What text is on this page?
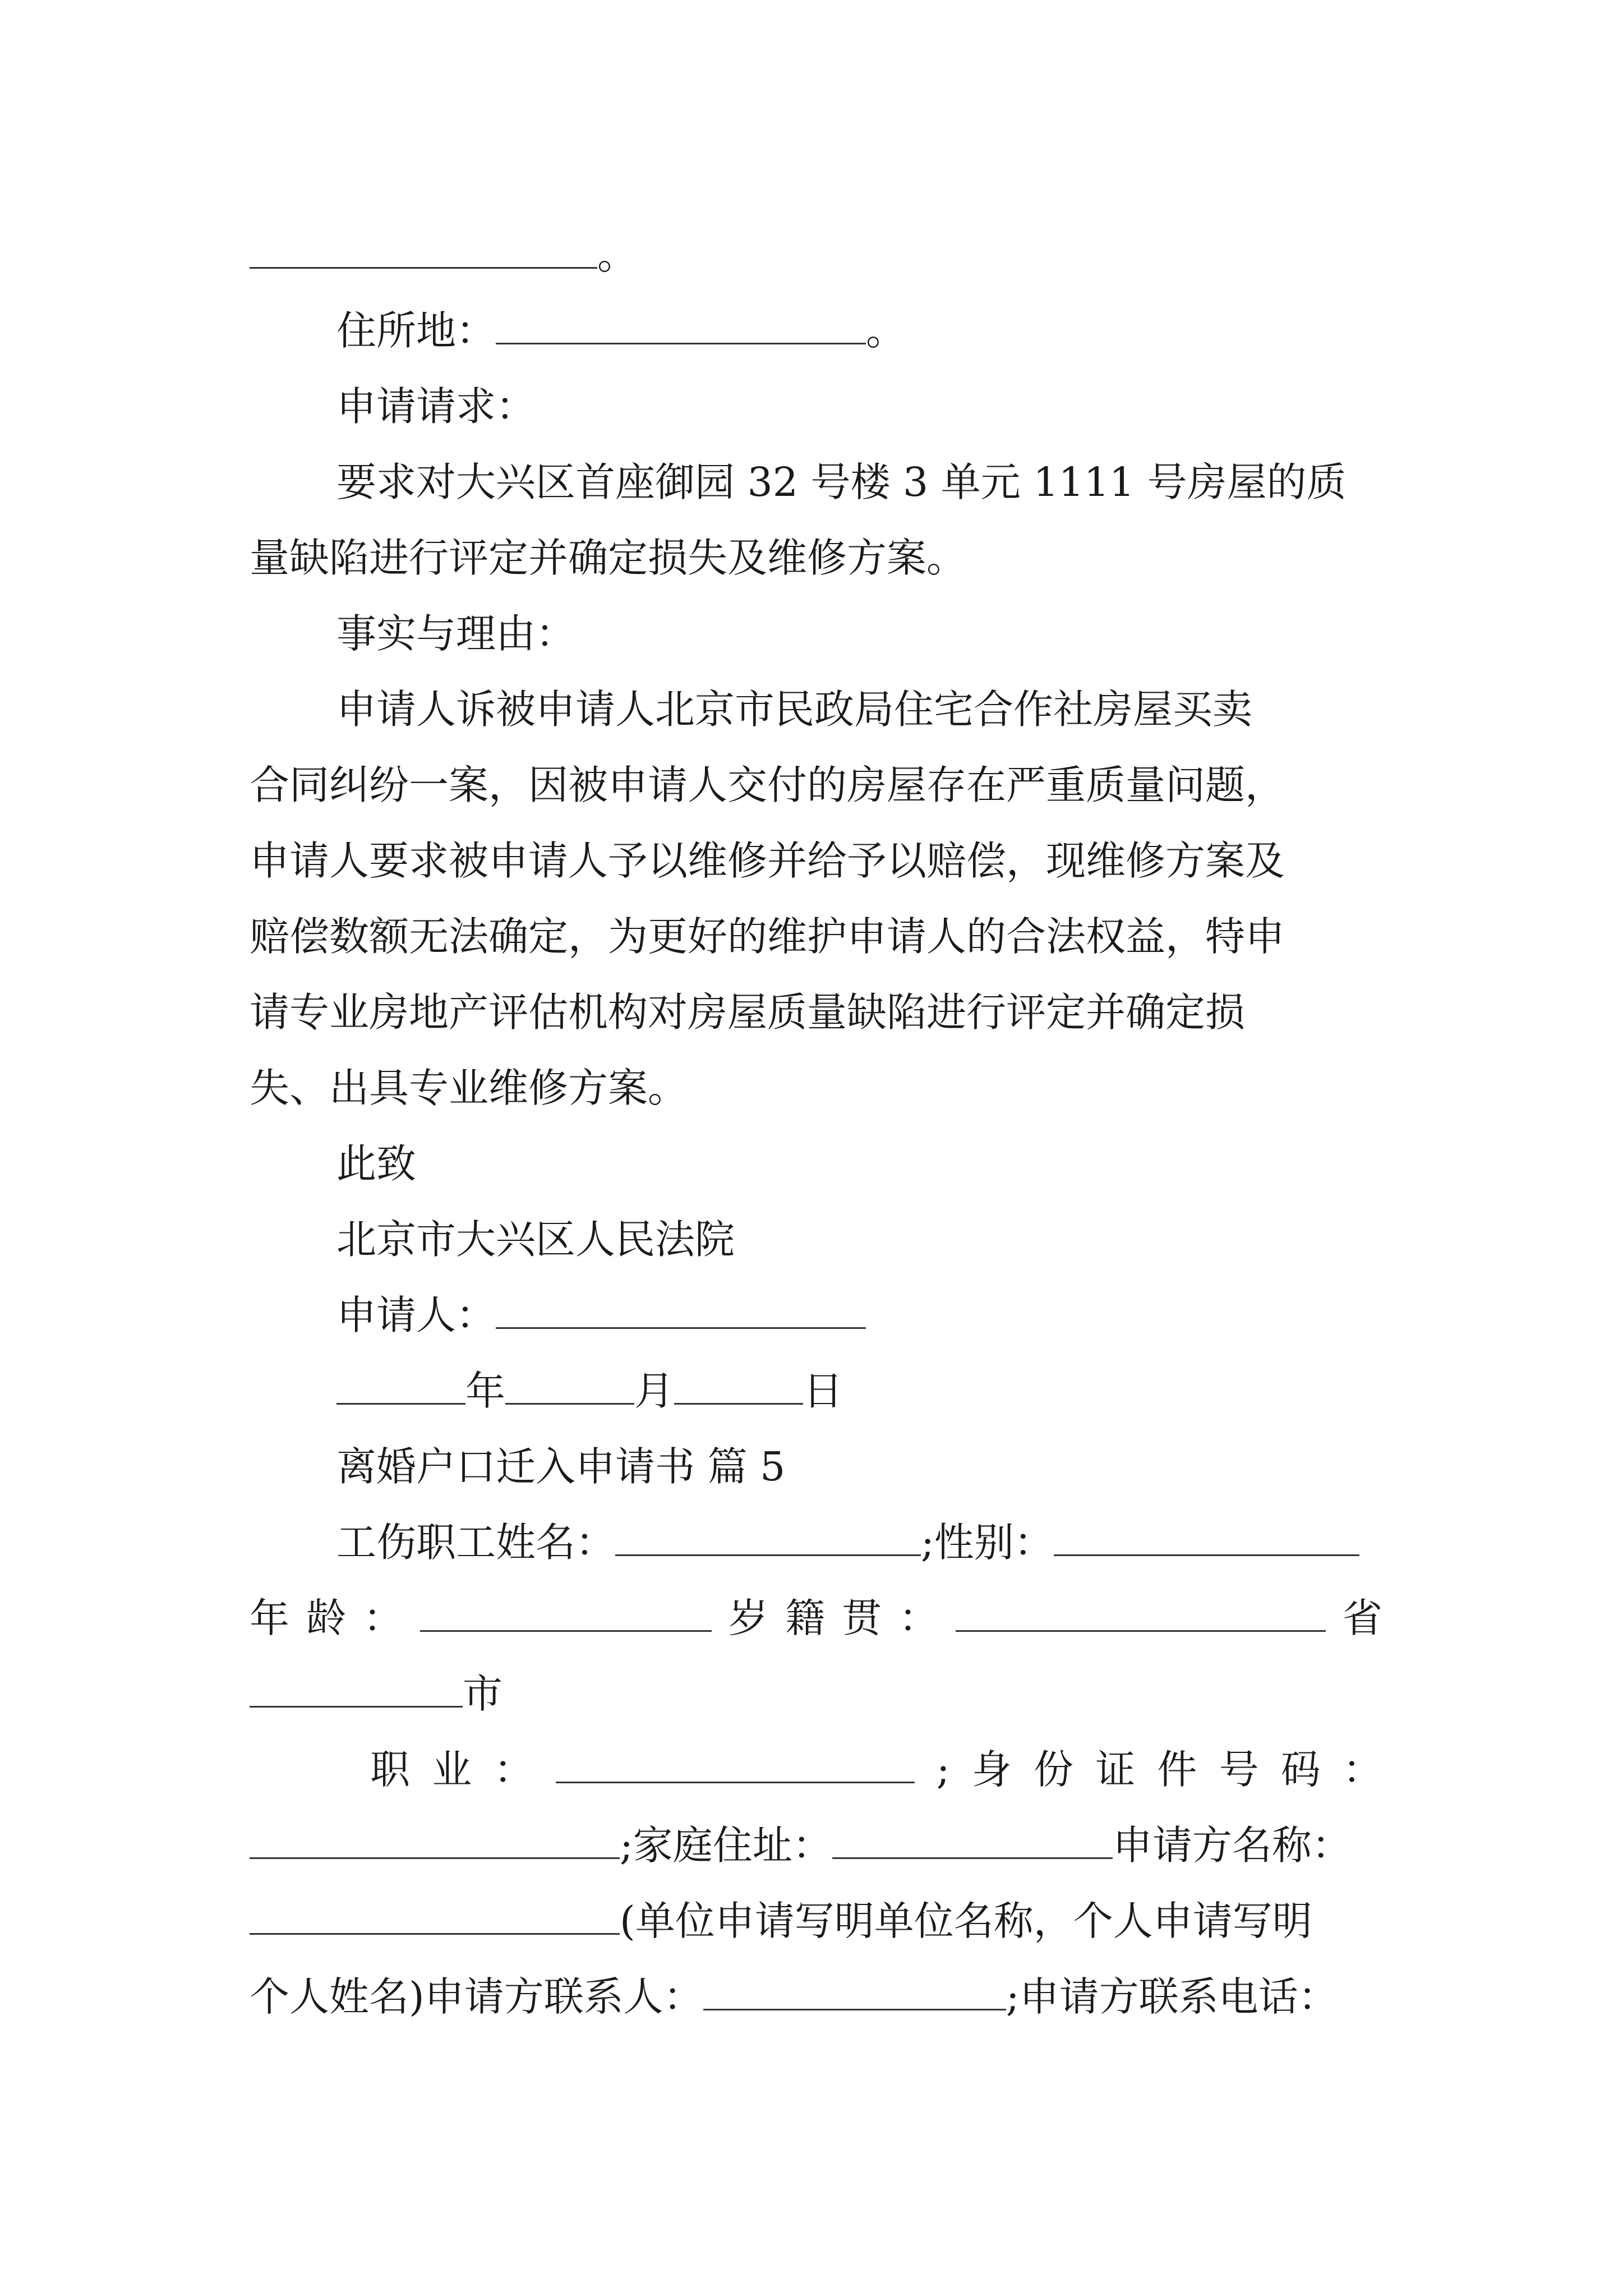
。
住所地：	。
申请请求：
要求对大兴区首座御园 32 号楼 3 单元 1111 号房屋的质
量缺陷进行评定并确定损失及维修方案。
事实与理由：
申请人诉被申请人北京市民政局住宅合作社房屋买卖
合同纠纷一案，因被申请人交付的房屋存在严重质量问题，
申请人要求被申请人予以维修并给予以赔偿，现维修方案及
赔偿数额无法确定，为更好的维护申请人的合法权益，特申
请专业房地产评估机构对房屋质量缺陷进行评定并确定损
失、出具专业维修方案。
此致
北京市大兴区人民法院
申请人：
年	月	日
离婚户口迁入申请书 篇 5
工伤职工姓名：	;性别：
年 龄 ：	岁 籍 贯 ：	省
市
职 业 ：	; 身 份 证 件 号 码 ：
;家庭住址：	申请方名称：
(单位申请写明单位名称，个人申请写明
个人姓名)申请方联系人：	;申请方联系电话：
